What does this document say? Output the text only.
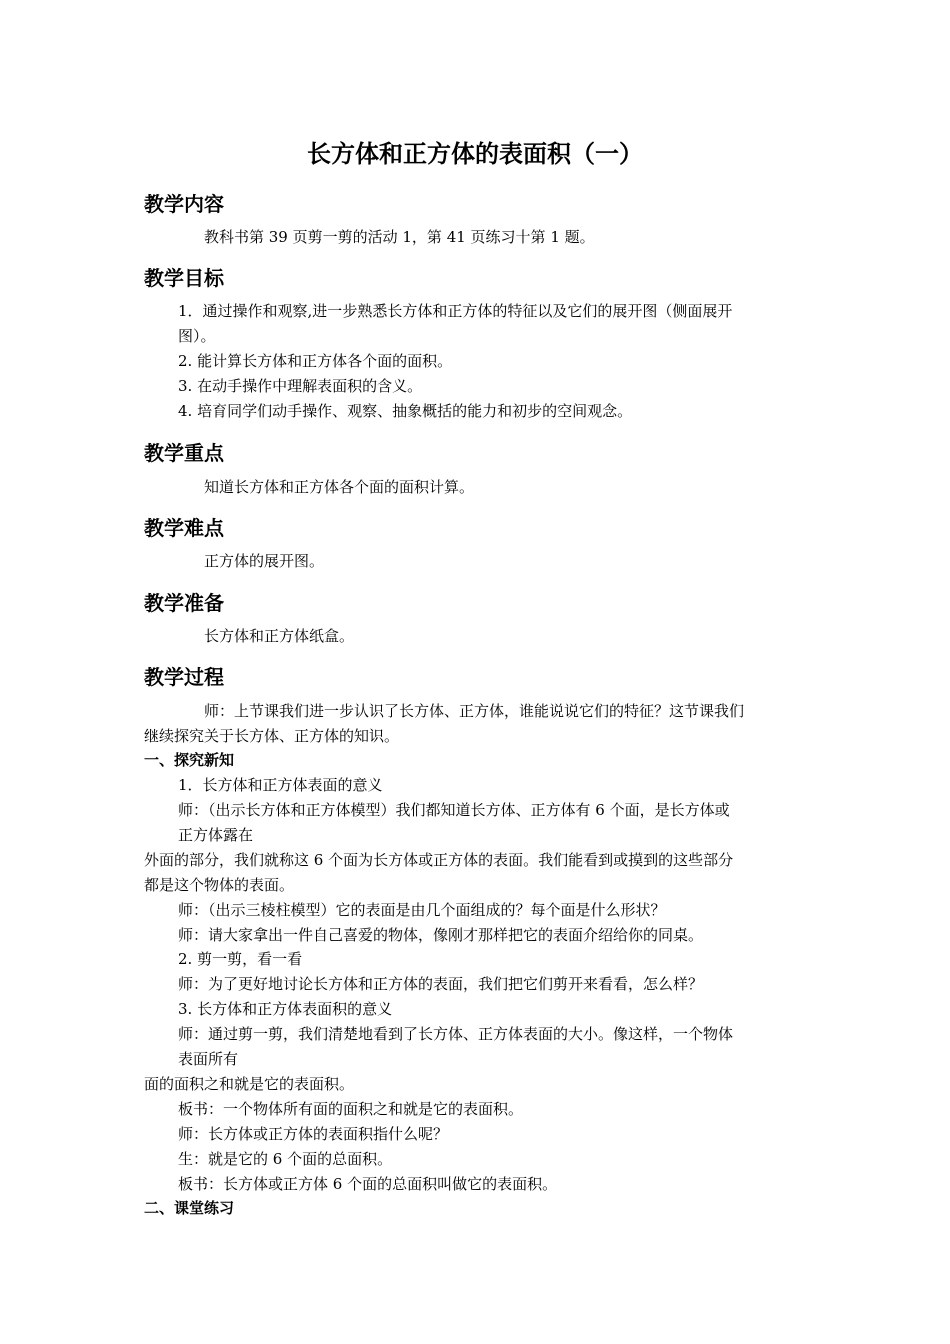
长方体和正方体的表面积（一）
教学内容
教科书第 39 页剪一剪的活动 1，第 41 页练习十第 1 题。
教学目标
1．通过操作和观察,进一步熟悉长方体和正方体的特征以及它们的展开图（侧面展开
图）。
2. 能计算长方体和正方体各个面的面积。
3. 在动手操作中理解表面积的含义。
4. 培育同学们动手操作、观察、抽象概括的能力和初步的空间观念。
教学重点
知道长方体和正方体各个面的面积计算。
教学难点
正方体的展开图。
教学准备
长方体和正方体纸盒。
教学过程
师：上节课我们进一步认识了长方体、正方体，谁能说说它们的特征？这节课我们
继续探究关于长方体、正方体的知识。
一、探究新知
1．长方体和正方体表面的意义
师：（出示长方体和正方体模型）我们都知道长方体、正方体有 6 个面，是长方体或
正方体露在
外面的部分，我们就称这 6 个面为长方体或正方体的表面。我们能看到或摸到的这些部分
都是这个物体的表面。
师：（出示三棱柱模型）它的表面是由几个面组成的？每个面是什么形状？
师：请大家拿出一件自己喜爱的物体，像刚才那样把它的表面介绍给你的同桌。
2. 剪一剪，看一看
师：为了更好地讨论长方体和正方体的表面，我们把它们剪开来看看，怎么样？
3. 长方体和正方体表面积的意义
师：通过剪一剪，我们清楚地看到了长方体、正方体表面的大小。像这样，一个物体
表面所有
面的面积之和就是它的表面积。
板书：一个物体所有面的面积之和就是它的表面积。
师：长方体或正方体的表面积指什么呢？
生：就是它的 6 个面的总面积。
板书：长方体或正方体 6 个面的总面积叫做它的表面积。
二、课堂练习
